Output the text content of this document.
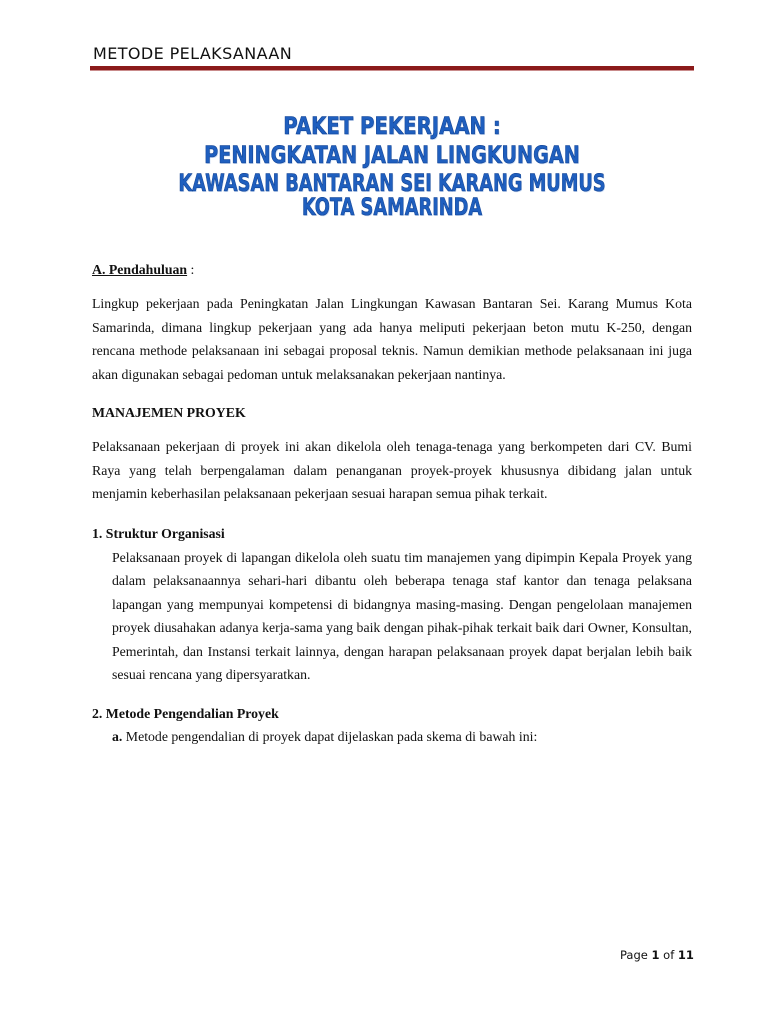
METODE PELAKSANAAN
PAKET PEKERJAAN :
PENINGKATAN JALAN LINGKUNGAN
KAWASAN BANTARAN SEI KARANG MUMUS KOTA SAMARINDA

A. Pendahuluan :

Lingkup pekerjaan pada Peningkatan Jalan Lingkungan Kawasan Bantaran Sei. Karang Mumus Kota Samarinda, dimana lingkup pekerjaan yang ada hanya meliputi pekerjaan beton mutu K-250, dengan rencana methode pelaksanaan ini sebagai proposal teknis. Namun demikian methode pelaksanaan ini juga akan digunakan sebagai pedoman untuk melaksanakan pekerjaan nantinya.

MANAJEMEN PROYEK

Pelaksanaan pekerjaan di proyek ini akan dikelola oleh tenaga-tenaga yang berkompeten dari CV. Bumi Raya yang telah berpengalaman dalam penanganan proyek-proyek khususnya dibidang jalan untuk menjamin keberhasilan pelaksanaan pekerjaan sesuai harapan semua pihak terkait.

1. Struktur Organisasi

Pelaksanaan proyek di lapangan dikelola oleh suatu tim manajemen yang dipimpin Kepala Proyek yang dalam pelaksanaannya sehari-hari dibantu oleh beberapa tenaga staf kantor dan tenaga pelaksana lapangan yang mempunyai kompetensi di bidangnya masing-masing. Dengan pengelolaan manajemen proyek diusahakan adanya kerja-sama yang baik dengan pihak-pihak terkait baik dari Owner, Konsultan, Pemerintah, dan Instansi terkait lainnya, dengan harapan pelaksanaan proyek dapat berjalan lebih baik sesuai rencana yang dipersyaratkan.

2. Metode Pengendalian Proyek

a. Metode pengendalian di proyek dapat dijelaskan pada skema di bawah ini:

Page 1 of 11
